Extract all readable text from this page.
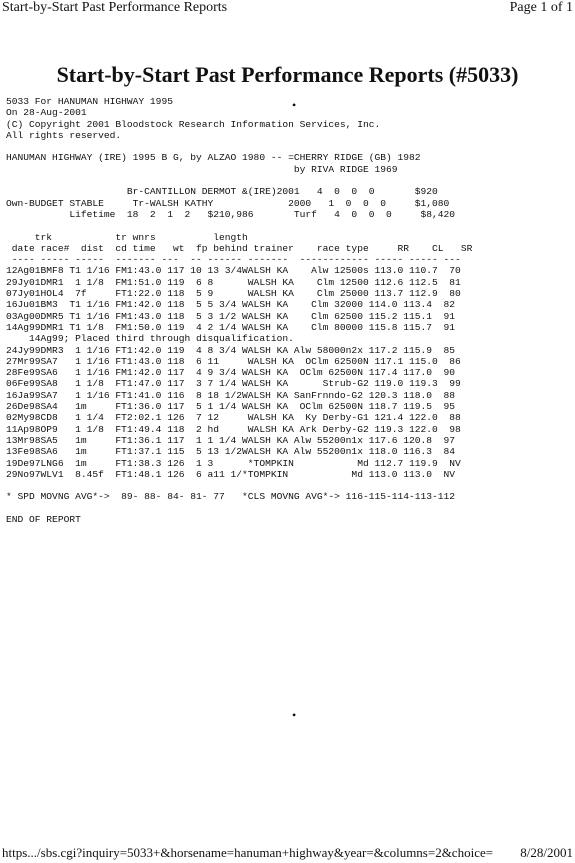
Start-by-Start Past Performance Reports	Page 1 of 1
Start-by-Start Past Performance Reports (#5033)
•
5033 For HANUMAN HIGHWAY 1995
On 28-Aug-2001
(C) Copyright 2001 Bloodstock Research Information Services, Inc.
All rights reserved.

HANUMAN HIGHWAY (IRE) 1995 B G, by ALZAO 1980 -- =CHERRY RIDGE (GB) 1982
by RIVA RIDGE 1969

Br-CANTILLON DERMOT &(IRE)2001   4  0  0  0       $920
Own-BUDGET STABLE     Tr-WALSH KATHY             2000   1  0  0  0     $1,080
Lifetime  18  2  1  2   $210,986       Turf   4  0  0  0     $8,420

trk           tr wnrs          length
date race#  dist  cd time   wt  fp behind trainer    race type     RR    CL   SR
---- ----- -----  ------- ---  -- ------ -------  ------------ ----- ----- ---
12Ag01BMF8 T1 1/16 FM1:43.0 117 10 13 3/4WALSH KA    Alw 12500s 113.0 110.7  70
29Jy01DMR1  1 1/8  FM1:51.0 119  6 8      WALSH KA    Clm 12500 112.6 112.5  81
07Jy01HOL4  7f     FT1:22.0 118  5 9      WALSH KA    Clm 25000 113.7 112.9  80
16Ju01BM3  T1 1/16 FM1:42.0 118  5 5 3/4 WALSH KA    Clm 32000 114.0 113.4  82
03Ag00DMR5 T1 1/16 FM1:43.0 118  5 3 1/2 WALSH KA    Clm 62500 115.2 115.1  91
14Ag99DMR1 T1 1/8  FM1:50.0 119  4 2 1/4 WALSH KA    Clm 80000 115.8 115.7  91
14Ag99; Placed third through disqualification.
24Jy99DMR3  1 1/16 FT1:42.0 119  4 8 3/4 WALSH KA Alw 58000n2x 117.2 115.9  85
27Mr99SA7   1 1/16 FT1:43.0 118  6 11     WALSH KA  OClm 62500N 117.1 115.0  86
28Fe99SA6   1 1/16 FM1:42.0 117  4 9 3/4 WALSH KA  OClm 62500N 117.4 117.0  90
06Fe99SA8   1 1/8  FT1:47.0 117  3 7 1/4 WALSH KA      Strub-G2 119.0 119.3  99
16Ja99SA7   1 1/16 FT1:41.0 116  8 18 1/2WALSH KA SanFrnndo-G2 120.3 118.0  88
26De98SA4   1m     FT1:36.0 117  5 1 1/4 WALSH KA  OClm 62500N 118.7 119.5  95
02My98CD8   1 1/4  FT2:02.1 126  7 12     WALSH KA  Ky Derby-G1 121.4 122.0  88
11Ap98OP9   1 1/8  FT1:49.4 118  2 hd     WALSH KA Ark Derby-G2 119.3 122.0  98
13Mr98SA5   1m     FT1:36.1 117  1 1 1/4 WALSH KA Alw 55200n1x 117.6 120.8  97
13Fe98SA6   1m     FT1:37.1 115  5 13 1/2WALSH KA Alw 55200n1x 118.0 116.3  84
19De97LNG6  1m     FT1:38.3 126  1 3      *TOMPKIN           Md 112.7 119.9  NV
29No97WLV1  8.45f  FT1:48.1 126  6 a11 1/*TOMPKIN           Md 113.0 113.0  NV

* SPD MOVNG AVG*->  89- 88- 84- 81- 77   *CLS MOVNG AVG*-> 116-115-114-113-112

END OF REPORT
•
https.../sbs.cgi?inquiry=5033+&horsename=hanuman+highway&year=&columns=2&choice= 8/28/2001
